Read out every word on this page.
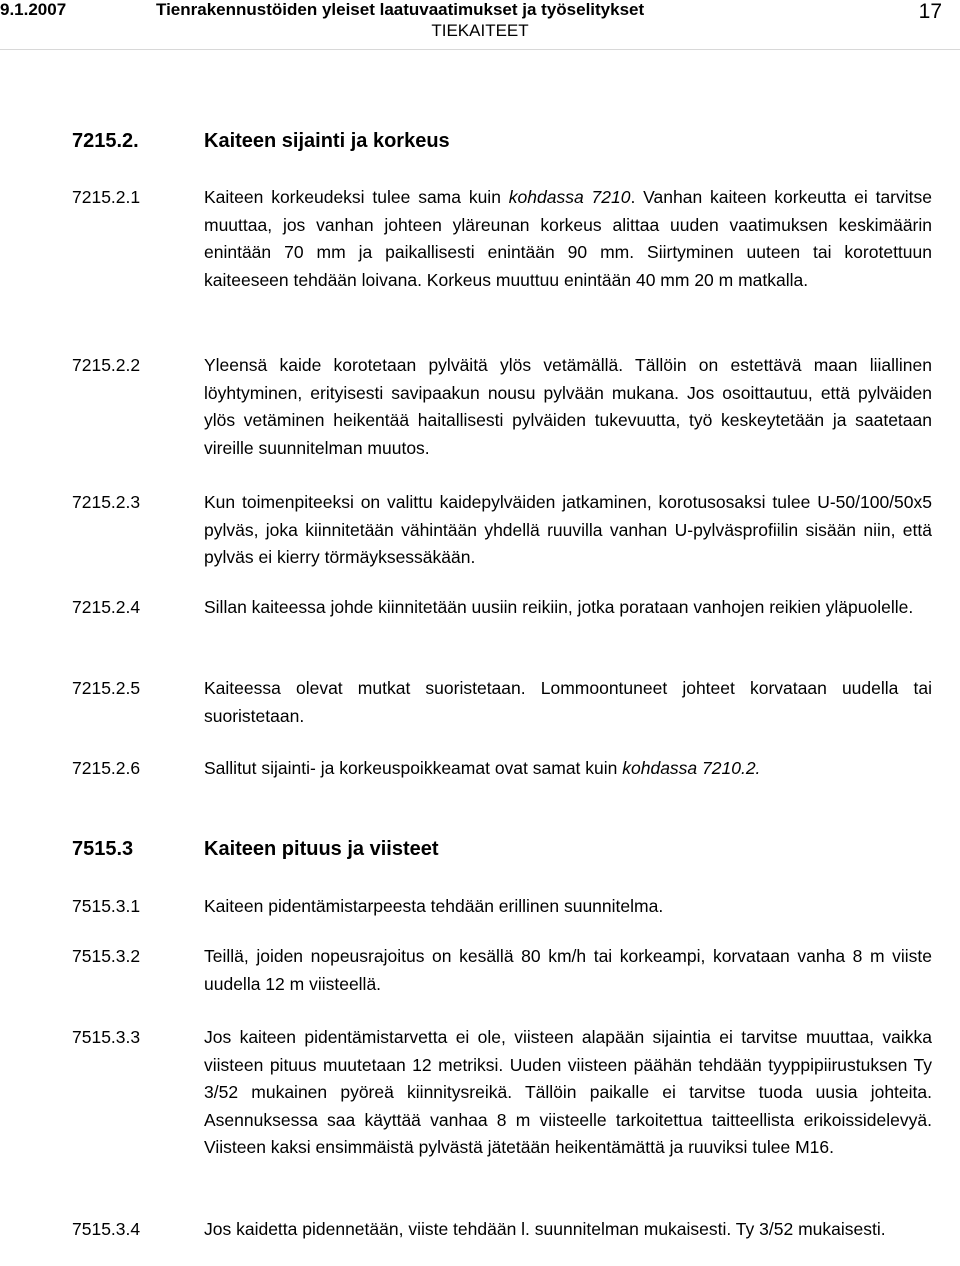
9.1.2007	Tienrakennustöiden yleiset laatuvaatimukset ja työselitykset	17
TIEKAITEET
7215.2.	Kaiteen sijainti ja korkeus
7215.2.1	Kaiteen korkeudeksi tulee sama kuin kohdassa 7210. Vanhan kaiteen korkeutta ei tarvitse muuttaa, jos vanhan johteen yläreunan korkeus alittaa uuden vaatimuksen keskimäärin enintään 70 mm ja paikallisesti enintään 90 mm. Siirtyminen uuteen tai korotettuun kaiteeseen tehdään loivana. Korkeus muuttuu enintään 40 mm 20 m matkalla.
7215.2.2	Yleensä kaide korotetaan pylväitä ylös vetämällä. Tällöin on estettävä maan liiallinen löyhtyminen, erityisesti savipaakun nousu pylvään mukana. Jos osoittautuu, että pylväiden ylös vetäminen heikentää haitallisesti pylväiden tukevuutta, työ keskeytetään ja saatetaan vireille suunnitelman muutos.
7215.2.3	Kun toimenpiteeksi on valittu kaidepylväiden jatkaminen, korotusosaksi tulee U-50/100/50x5 pylväs, joka kiinnitetään vähintään yhdellä ruuvilla vanhan U-pylväsprofiilin sisään niin, että pylväs ei kierry törmäyksessäkään.
7215.2.4	Sillan kaiteessa johde kiinnitetään uusiin reikiin, jotka porataan vanhojen reikien yläpuolelle.
7215.2.5	Kaiteessa olevat mutkat suoristetaan. Lommoontuneet johteet korvataan uudella tai suoristetaan.
7215.2.6	Sallitut sijainti- ja korkeuspoikkeamat ovat samat kuin kohdassa 7210.2.
7515.3	Kaiteen pituus ja viisteet
7515.3.1	Kaiteen pidentämistarpeesta tehdään erillinen suunnitelma.
7515.3.2	Teillä, joiden nopeusrajoitus on kesällä 80 km/h tai korkeampi, korvataan vanha 8 m viiste uudella 12 m viisteellä.
7515.3.3	Jos kaiteen pidentämistarvetta ei ole, viisteen alapään sijaintia ei tarvitse muuttaa, vaikka viisteen pituus muutetaan 12 metriksi. Uuden viisteen päähän tehdään tyyppipiirustuksen Ty 3/52 mukainen pyöreä kiinnitysreikä. Tällöin paikalle ei tarvitse tuoda uusia johteita. Asennuksessa saa käyttää vanhaa 8 m viisteelle tarkoitettua taitteellista erikoissidelevyä. Viisteen kaksi ensimmäistä pylvästä jätetään heikentämättä ja ruuviksi tulee M16.
7515.3.4	Jos kaidetta pidennetään, viiste tehdään l. suunnitelman mukaisesti. Ty 3/52 mukaisesti.
